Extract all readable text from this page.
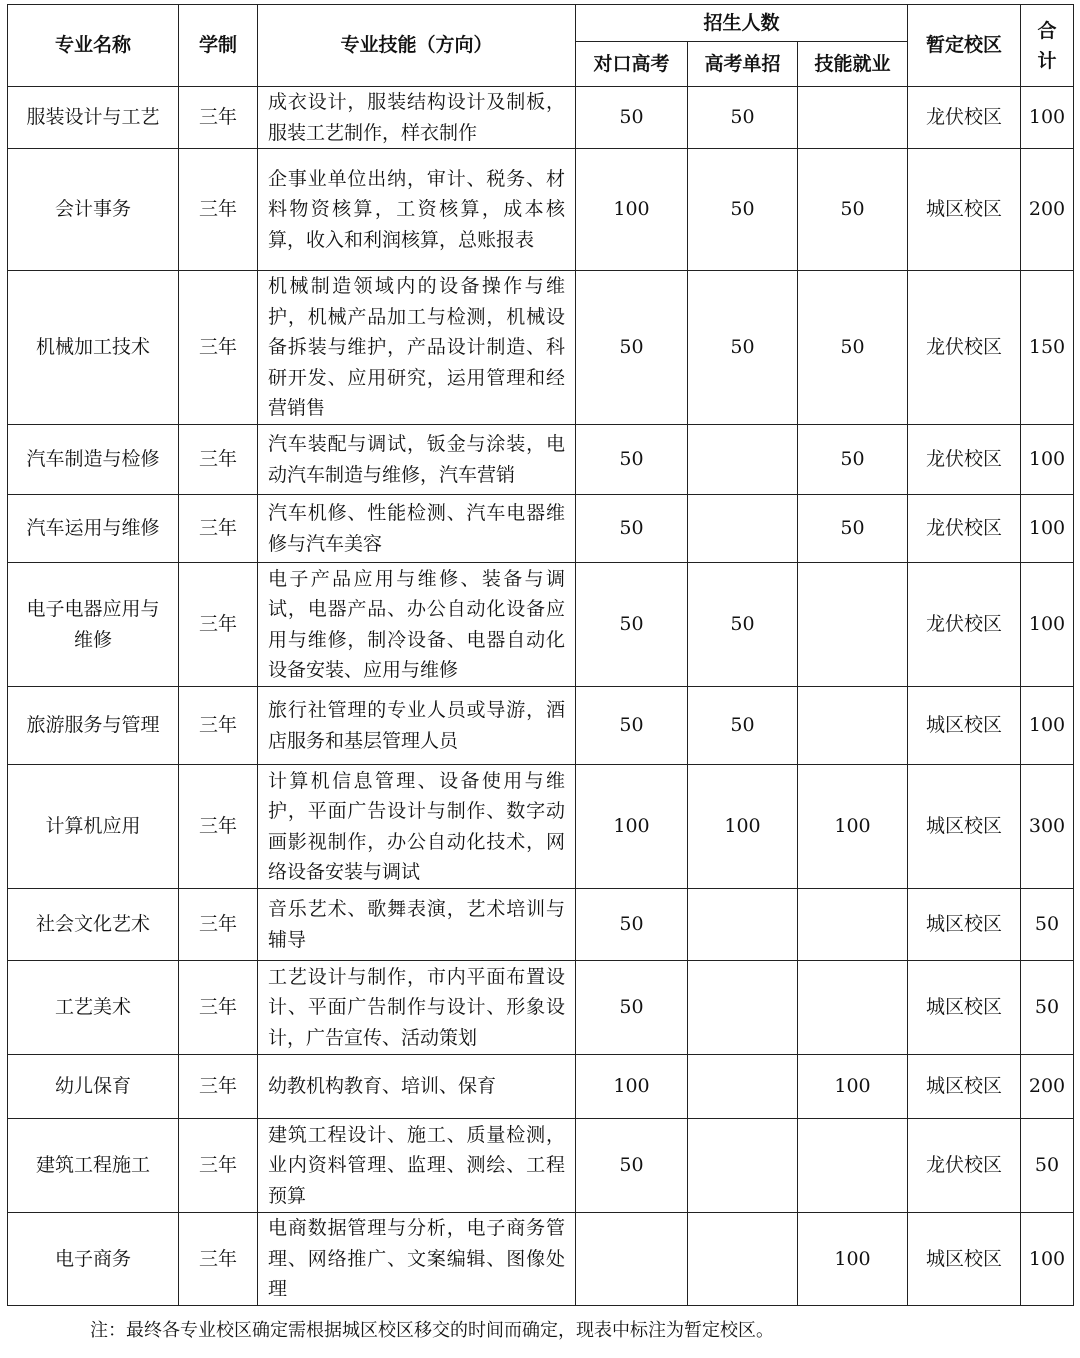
专业名称	学制	专业技能（方向）	招生人数			暂定校区	合计
			对口高考	高考单招	技能就业		
服装设计与工艺	三年	成衣设计，服装结构设计及制板，服装工艺制作，样衣制作	50	50		龙伏校区	100
会计事务	三年	企事业单位出纳，审计、税务、材料物资核算，工资核算，成本核算，收入和利润核算，总账报表	100	50	50	城区校区	200
机械加工技术	三年	机械制造领域内的设备操作与维护，机械产品加工与检测，机械设备拆装与维护，产品设计制造、科研开发、应用研究，运用管理和经营销售	50	50	50	龙伏校区	150
汽车制造与检修	三年	汽车装配与调试，钣金与涂装，电动汽车制造与维修，汽车营销	50		50	龙伏校区	100
汽车运用与维修	三年	汽车机修、性能检测、汽车电器维修与汽车美容	50		50	龙伏校区	100
电子电器应用与维修	三年	电子产品应用与维修、装备与调试，电器产品、办公自动化设备应用与维修，制冷设备、电器自动化设备安装、应用与维修	50	50		龙伏校区	100
旅游服务与管理	三年	旅行社管理的专业人员或导游，酒店服务和基层管理人员	50	50		城区校区	100
计算机应用	三年	计算机信息管理、设备使用与维护，平面广告设计与制作、数字动画影视制作，办公自动化技术，网络设备安装与调试	100	100	100	城区校区	300
社会文化艺术	三年	音乐艺术、歌舞表演，艺术培训与辅导	50			城区校区	50
工艺美术	三年	工艺设计与制作，市内平面布置设计、平面广告制作与设计、形象设计，广告宣传、活动策划	50			城区校区	50
幼儿保育	三年	幼教机构教育、培训、保育	100		100	城区校区	200
建筑工程施工	三年	建筑工程设计、施工、质量检测，业内资料管理、监理、测绘、工程预算	50			龙伏校区	50
电子商务	三年	电商数据管理与分析，电子商务管理、网络推广、文案编辑、图像处理			100	城区校区	100
注：最终各专业校区确定需根据城区校区移交的时间而确定，现表中标注为暂定校区。
